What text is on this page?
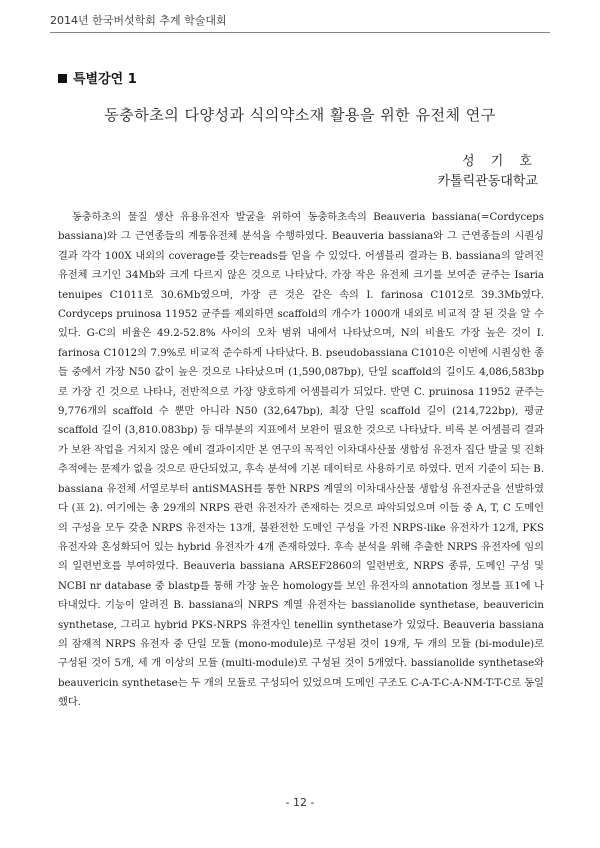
2014년 한국버섯학회 추계 학술대회
특별강연 1
동충하초의 다양성과 식의약소재 활용을 위한 유전체 연구
성 기 호
카톨릭관동대학교

동충하초의 물질 생산 유용유전자 발굴을 위하여 동충하초속의 Beauveria bassiana(=Cordyceps bassiana)와 그 근연종들의 계통유전체 분석을 수행하였다. Beauveria bassiana와 그 근연종들의 시퀀싱 결과 각각 100X 내외의 coverage를 갖는reads를 얻을 수 있었다. 어셈블리 결과는 B. bassiana의 알려진 유전체 크기인 34Mb와 크게 다르지 않은 것으로 나타났다. 가장 작은 유전체 크기를 보여준 균주는 Isaria tenuipes C1011로 30.6Mb였으며, 가장 큰 것은 같은 속의 I. farinosa C1012로 39.3Mb였다. Cordyceps pruinosa 11952 균주를 제외하면 scaffold의 개수가 1000개 내외로 비교적 잘 된 것을 알 수 있다. G-C의 비율은 49.2-52.8% 사이의 오차 범위 내에서 나타났으며, N의 비율도 가장 높은 것이 I. farinosa C1012의 7.9%로 비교적 준수하게 나타났다. B. pseudobassiana C1010은 이번에 시퀀싱한 종들 중에서 가장 N50 값이 높은 것으로 나타났으며 (1,590,087bp), 단일 scaffold의 길이도 4,086,583bp로 가장 긴 것으로 나타나, 전반적으로 가장 양호하게 어셈블리가 되었다. 반면 C. pruinosa 11952 균주는 9,776개의 scaffold 수 뿐만 아니라 N50 (32,647bp), 최장 단일 scaffold 길이 (214,722bp), 평균 scaffold 길이 (3,810.083bp) 등 대부분의 지표에서 보완이 필요한 것으로 나타났다. 비록 본 어셈블리 결과가 보완 작업을 거치지 않은 예비 결과이지만 본 연구의 목적인 이차대사산물 생합성 유전자 집단 발굴 및 진화 추적에는 문제가 없을 것으로 판단되었고, 후속 분석에 기본 데이터로 사용하기로 하였다. 먼저 기준이 되는 B. bassiana 유전체 서열로부터 antiSMASH를 통한 NRPS 계열의 이차대사산물 생합성 유전자군을 선발하였다 (표 2). 여기에는 총 29개의 NRPS 관련 유전자가 존재하는 것으로 파악되었으며 이들 중 A, T, C 도메인의 구성을 모두 갖춘 NRPS 유전자는 13개, 불완전한 도메인 구성을 가진 NRPS-like 유전자가 12개, PKS 유전자와 혼성화되어 있는 hybrid 유전자가 4개 존재하였다. 후속 분석을 위해 추출한 NRPS 유전자에 임의의 일련번호를 부여하였다. Beauveria bassiana ARSEF2860의 일련번호, NRPS 종류, 도메인 구성 및 NCBI nr database 중 blastp를 통해 가장 높은 homology를 보인 유전자의 annotation 정보를 표1에 나타내었다. 기능이 알려진 B. bassiana의 NRPS 계열 유전자는 bassianolide synthetase, beauvericin synthetase, 그리고 hybrid PKS-NRPS 유전자인 tenellin synthetase가 있었다. Beauveria bassiana의 잠재적 NRPS 유전자 중 단일 모듈 (mono-module)로 구성된 것이 19개, 두 개의 모듈 (bi-module)로 구성된 것이 5개, 세 개 이상의 모듈 (multi-module)로 구성된 것이 5개였다. bassianolide synthetase와 beauvericin synthetase는 두 개의 모듈로 구성되어 있었으며 도메인 구조도 C-A-T-C-A-NM-T-T-C로 동일했다.

- 12 -
